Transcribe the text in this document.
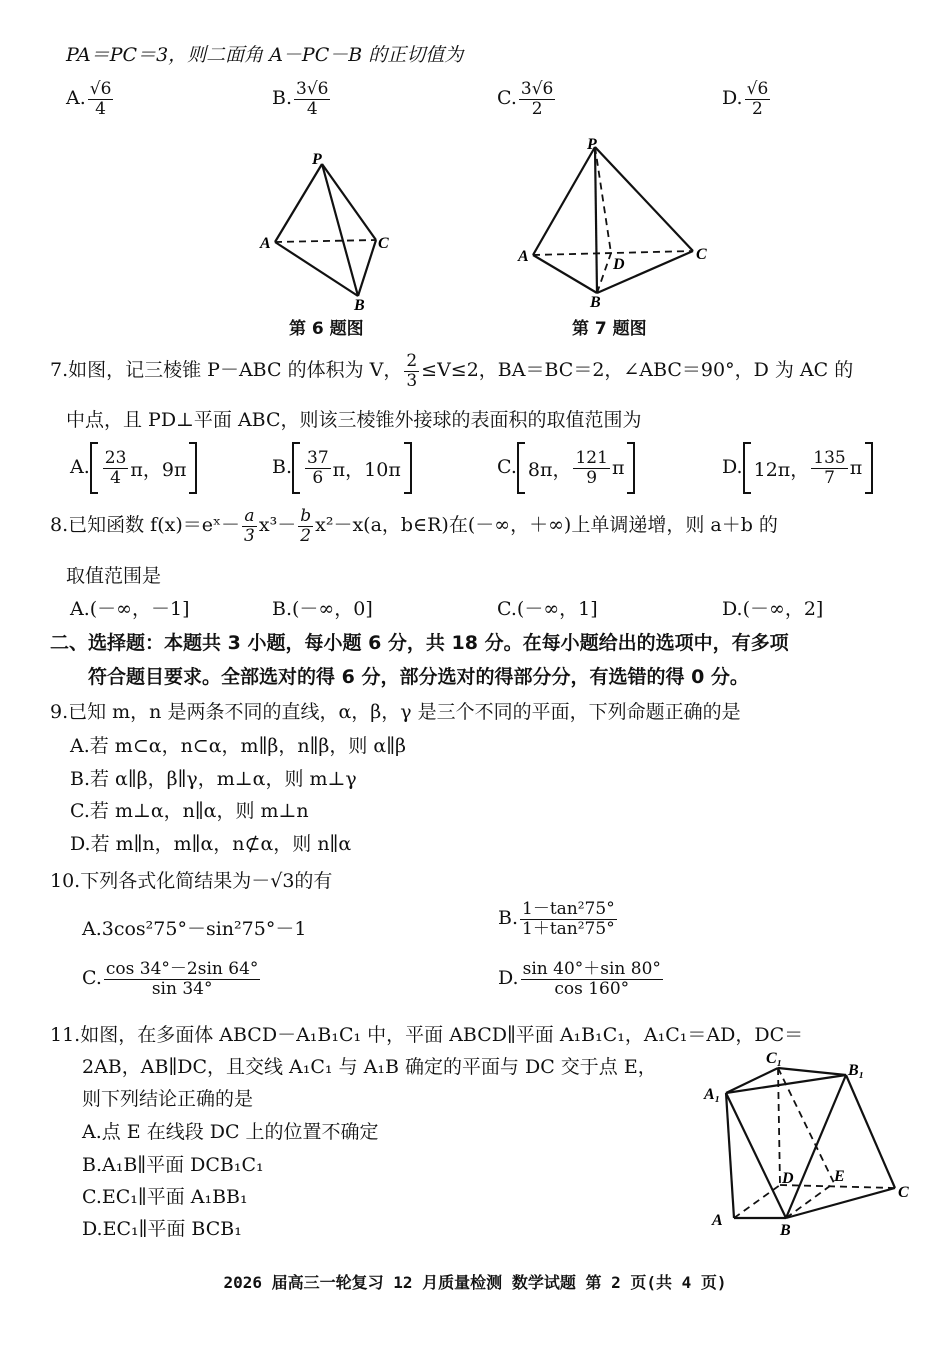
PA＝PC＝3，则二面角 A－PC－B 的正切值为
A. $\frac{√6}{4}$	B. $\frac{3√6}{4}$	C. $\frac{3√6}{2}$	D. $\frac{√6}{2}$
P
A	C
B
第 6 题图
P
A	C
D
B
第 7 题图
7.如图，记三棱锥 P－ABC 的体积为 V， $\frac{2}{3} \le V\le 2$，BA＝BC＝2，∠ABC＝90°，D 为 AC 的
中点，且 PD⊥平面 ABC，则该三棱锥外接球的表面积的取值范围为
A. $\frac{23}{4}$ π，9π	B. $\frac{37}{6}$ π，10π	C. 8π， $\frac{121}{9}$ π	D. 12π， $\frac{135}{7}$ π
8.已知函数 f(x)＝eˣ－ $\frac{a}{3} x^3- \frac{b}{2} x^2-x(a$，b∈R)在(－∞，＋∞)上单调递增，则 a＋b 的
取值范围是
A.(－∞，－1]	B.(－∞，0]	C.(－∞，1]	D.(－∞，2]
二、选择题：本题共 3 小题，每小题 6 分，共 18 分。在每小题给出的选项中，有多项
符合题目要求。全部选对的得 6 分，部分选对的得部分分，有选错的得 0 分。
9.已知 m，n 是两条不同的直线，α，β，γ 是三个不同的平面，下列命题正确的是
A.若 m⊂α，n⊂α，m∥β，n∥β，则 α∥β
B.若 α∥β，β∥γ，m⊥α，则 m⊥γ
C.若 m⊥α，n∥α，则 m⊥n
D.若 m∥n，m∥α，n⊄α，则 n∥α
10.下列各式化简结果为－√3的有
A.3cos²75°－sin²75°－1	B. $\frac{\text{1－tan²75°}}{\text{1＋tan²75°}}$
C. $\frac{\cos 34^\circ-2\sin 64^\circ}{\sin 34^\circ}$	D. $\frac{\sin 40^\circ+\sin 80^\circ}{\cos 160^\circ}$
11.如图，在多面体 ABCD－A₁B₁C₁ 中，平面 ABCD∥平面 A₁B₁C₁，A₁C₁＝AD，DC＝
2AB，AB∥DC，且交线 A₁C₁ 与 A₁B 确定的平面与 DC 交于点 E，
则下列结论正确的是
A.点 E 在线段 DC 上的位置不确定
B.A₁B∥平面 DCB₁C₁
C.EC₁∥平面 A₁BB₁
D.EC₁∥平面 BCB₁
C₁
B₁
A₁
D	E
C
A
B
2026 届高三一轮复习 12 月质量检测 数学试题 第 2 页(共 4 页)
